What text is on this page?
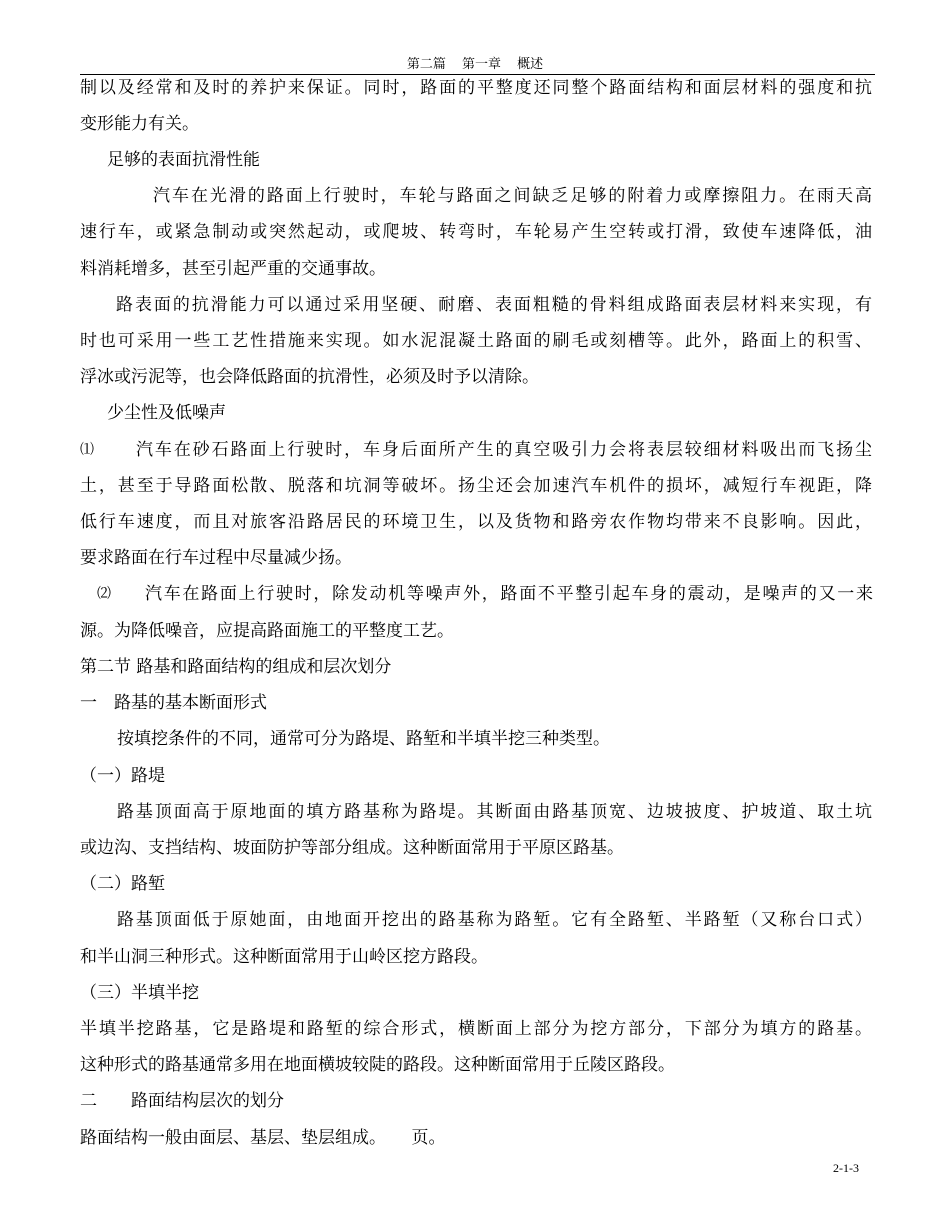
第二篇 第一章 概述
制以及经常和及时的养护来保证。同时，路面的平整度还同整个路面结构和面层材料的强度和抗
变形能力有关。
足够的表面抗滑性能
汽车在光滑的路面上行驶时，车轮与路面之间缺乏足够的附着力或摩擦阻力。在雨天高
速行车，或紧急制动或突然起动，或爬坡、转弯时，车轮易产生空转或打滑，致使车速降低，油
料消耗增多，甚至引起严重的交通事故。
路表面的抗滑能力可以通过采用坚硬、耐磨、表面粗糙的骨料组成路面表层材料来实现，有
时也可采用一些工艺性措施来实现。如水泥混凝土路面的刷毛或刻槽等。此外，路面上的积雪、
浮冰或污泥等，也会降低路面的抗滑性，必须及时予以清除。
少尘性及低噪声
⑴ 汽车在砂石路面上行驶时，车身后面所产生的真空吸引力会将表层较细材料吸出而飞扬尘
土，甚至于导路面松散、脱落和坑洞等破坏。扬尘还会加速汽车机件的损坏，减短行车视距，降
低行车速度，而且对旅客沿路居民的环境卫生，以及货物和路旁农作物均带来不良影响。因此，
要求路面在行车过程中尽量减少扬。
⑵ 汽车在路面上行驶时，除发动机等噪声外，路面不平整引起车身的震动，是噪声的又一来
源。为降低噪音，应提高路面施工的平整度工艺。
第二节 路基和路面结构的组成和层次划分
一　路基的基本断面形式
按填挖条件的不同，通常可分为路堤、路堑和半填半挖三种类型。
（一）路堤
路基顶面高于原地面的填方路基称为路堤。其断面由路基顶宽、边坡披度、护坡道、取土坑
或边沟、支挡结构、坡面防护等部分组成。这种断面常用于平原区路基。
（二）路堑
路基顶面低于原她面，由地面开挖出的路基称为路堑。它有全路堑、半路堑（又称台口式）
和半山洞三种形式。这种断面常用于山岭区挖方路段。
（三）半填半挖
半填半挖路基，它是路堤和路堑的综合形式，横断面上部分为挖方部分，下部分为填方的路基。
这种形式的路基通常多用在地面横坡较陡的路段。这种断面常用于丘陵区路段。
二　　路面结构层次的划分
路面结构一般由面层、基层、垫层组成。　　页。
2-1-3
